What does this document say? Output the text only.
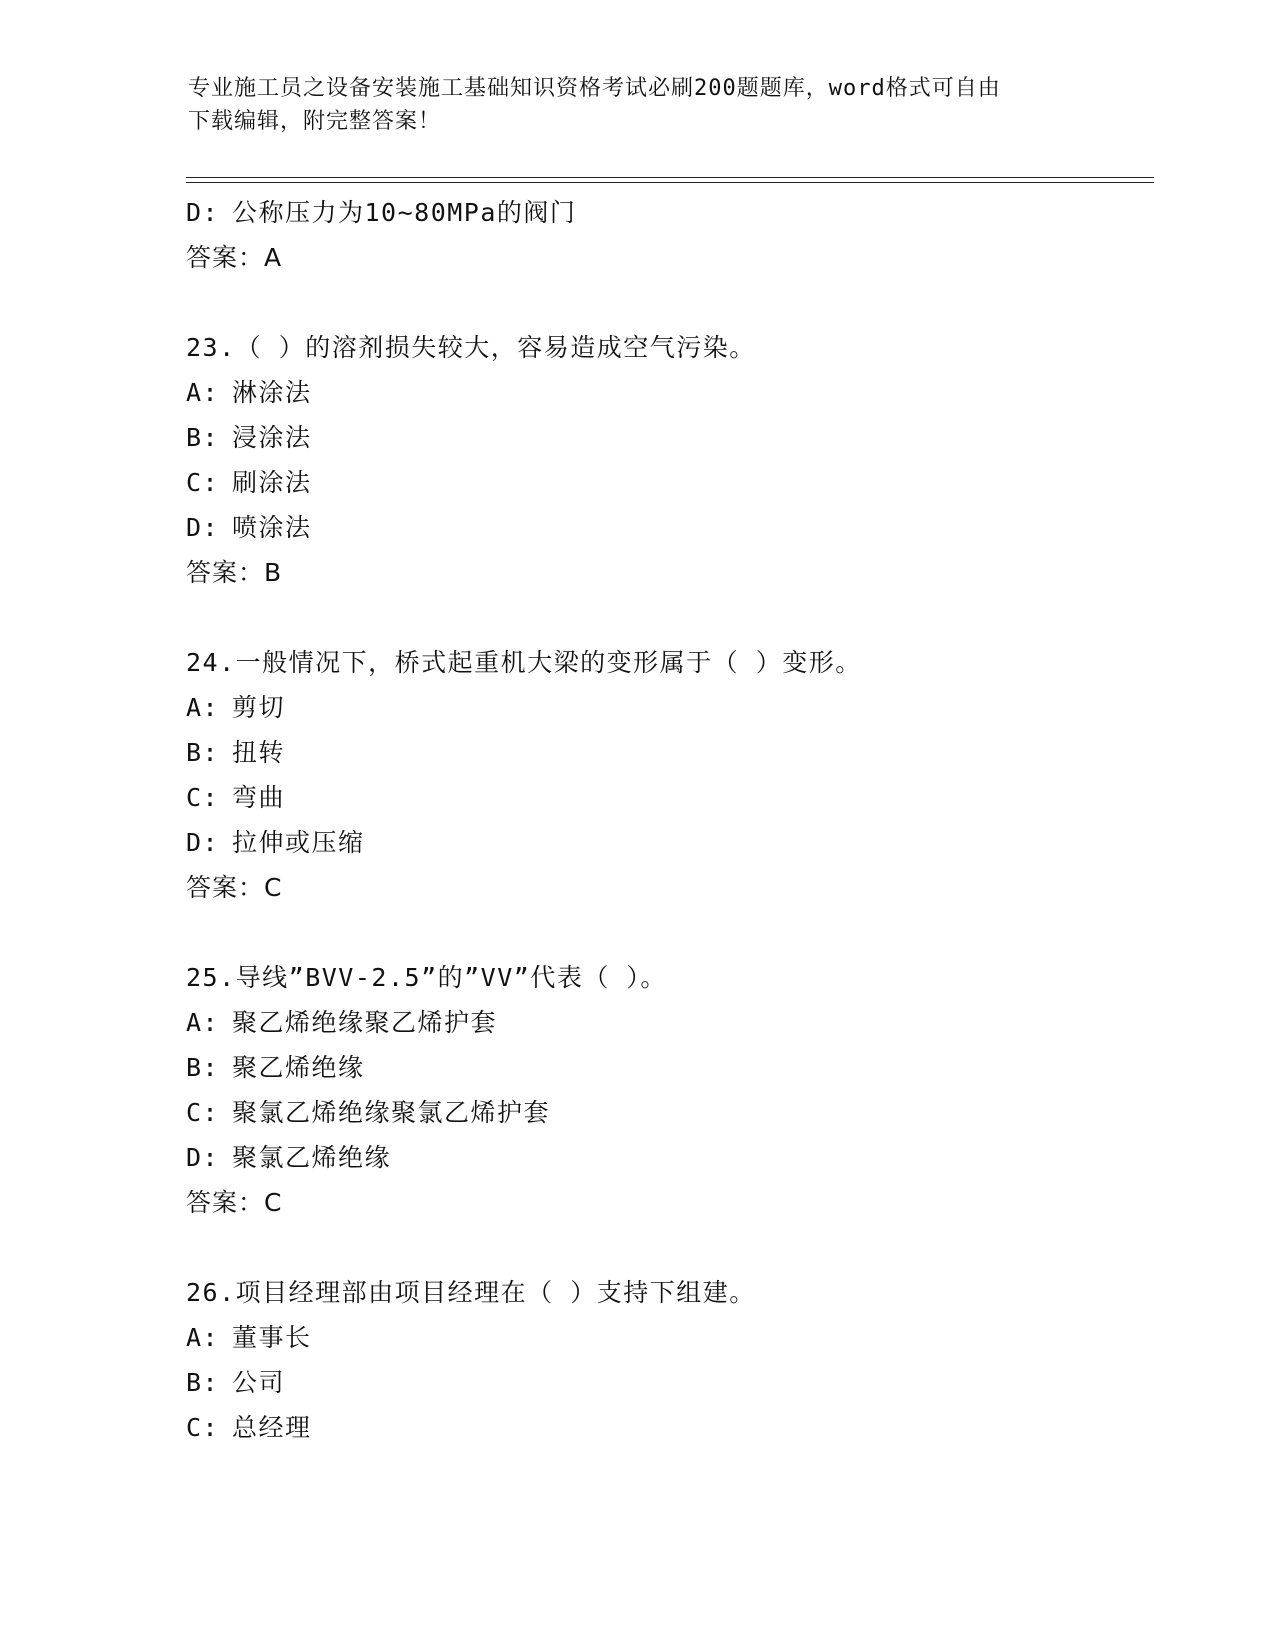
专业施工员之设备安装施工基础知识资格考试必刷200题题库，word格式可自由
下载编辑，附完整答案！
D: 公称压力为10~80MPa的阀门
答案：A
23.（ ）的溶剂损失较大，容易造成空气污染。
A: 淋涂法
B: 浸涂法
C: 刷涂法
D: 喷涂法
答案：B
24.一般情况下，桥式起重机大梁的变形属于（ ）变形。
A: 剪切
B: 扭转
C: 弯曲
D: 拉伸或压缩
答案：C
25.导线”BVV-2.5”的”VV”代表（ ）。
A: 聚乙烯绝缘聚乙烯护套
B: 聚乙烯绝缘
C: 聚氯乙烯绝缘聚氯乙烯护套
D: 聚氯乙烯绝缘
答案：C
26.项目经理部由项目经理在（ ）支持下组建。
A: 董事长
B: 公司
C: 总经理
